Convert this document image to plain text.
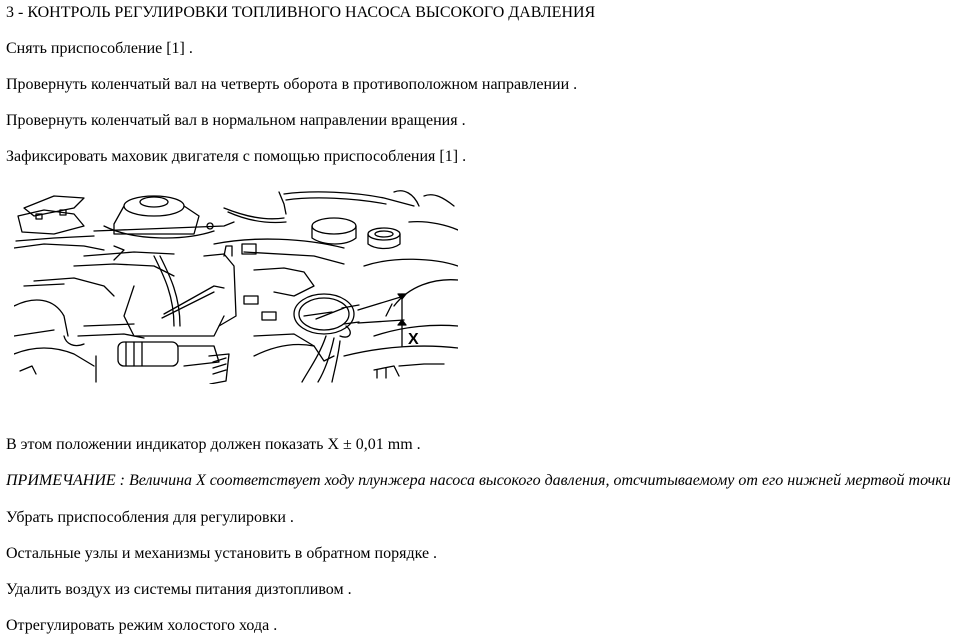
3 - КОНТРОЛЬ РЕГУЛИРОВКИ ТОПЛИВНОГО НАСОСА ВЫСОКОГО ДАВЛЕНИЯ
Снять приспособление [1] .
Провернуть коленчатый вал на четверть оборота в противоположном направлении .
Провернуть коленчатый вал в нормальном направлении вращения .
Зафиксировать маховик двигателя с помощью приспособления [1] .
X
В этом положении индикатор должен показать X ± 0,01 mm .
ПРИМЕЧАНИЕ : Величина X соответствует ходу плунжера насоса высокого давления, отсчитываемому от его нижней мертвой точки
Убрать приспособления для регулировки .
Остальные узлы и механизмы установить в обратном порядке .
Удалить воздух из системы питания дизтопливом .
Отрегулировать режим холостого хода .
